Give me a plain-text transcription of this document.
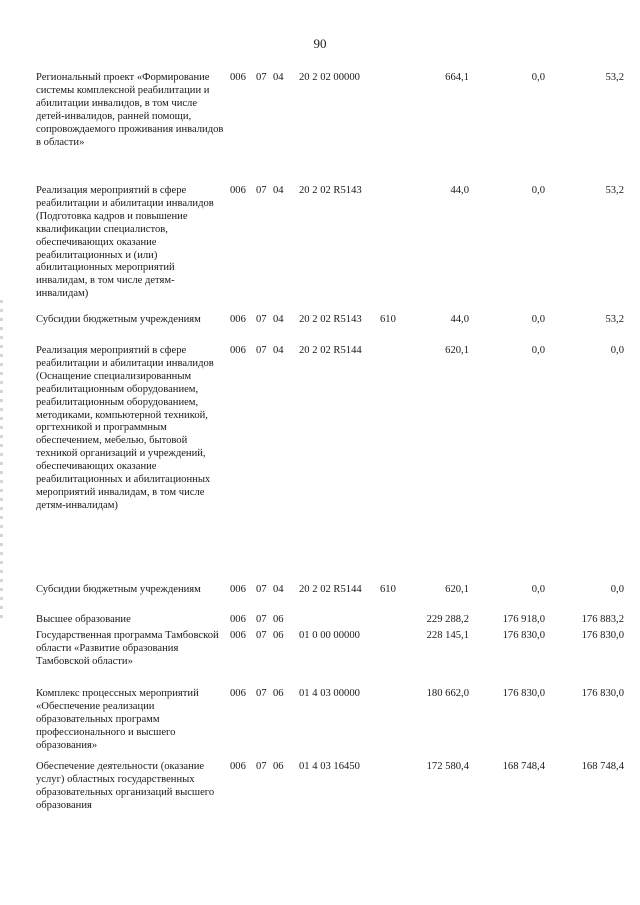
90
Региональный проект «Формирование системы комплексной реабилитации и абилитации инвалидов, в том числе детей-инвалидов, ранней помощи, сопровождаемого проживания инвалидов в области»
006 07 04 20 2 02 00000	664,1	0,0	53,2
Реализация мероприятий в сфере реабилитации и абилитации инвалидов (Подготовка кадров и повышение квалификации специалистов, обеспечивающих оказание реабилитационных и (или) абилитационных мероприятий инвалидам, в том числе детям-инвалидам)
006 07 04 20 2 02 R5143	44,0	0,0	53,2
Субсидии бюджетным учреждениям	006 07 04 20 2 02 R5143 610	44,0	0,0	53,2
Реализация мероприятий в сфере реабилитации и абилитации инвалидов (Оснащение специализированным реабилитационным оборудованием, реабилитационным оборудованием, методиками, компьютерной техникой, оргтехникой и программным обеспечением, мебелью, бытовой техникой организаций и учреждений, обеспечивающих оказание реабилитационных и абилитационных мероприятий инвалидам, в том числе детям-инвалидам)
006 07 04 20 2 02 R5144	620,1	0,0	0,0
Субсидии бюджетным учреждениям	006 07 04 20 2 02 R5144 610	620,1	0,0	0,0
Высшее образование	006 07 06	229 288,2	176 918,0	176 883,2
Государственная программа Тамбовской области «Развитие образования Тамбовской области»
006 07 06 01 0 00 00000	228 145,1	176 830,0	176 830,0
Комплекс процессных мероприятий «Обеспечение реализации образовательных программ профессионального и высшего образования»
006 07 06 01 4 03 00000	180 662,0	176 830,0	176 830,0
Обеспечение деятельности (оказание услуг) областных государственных образовательных организаций высшего образования
006 07 06 01 4 03 16450	172 580,4	168 748,4	168 748,4
